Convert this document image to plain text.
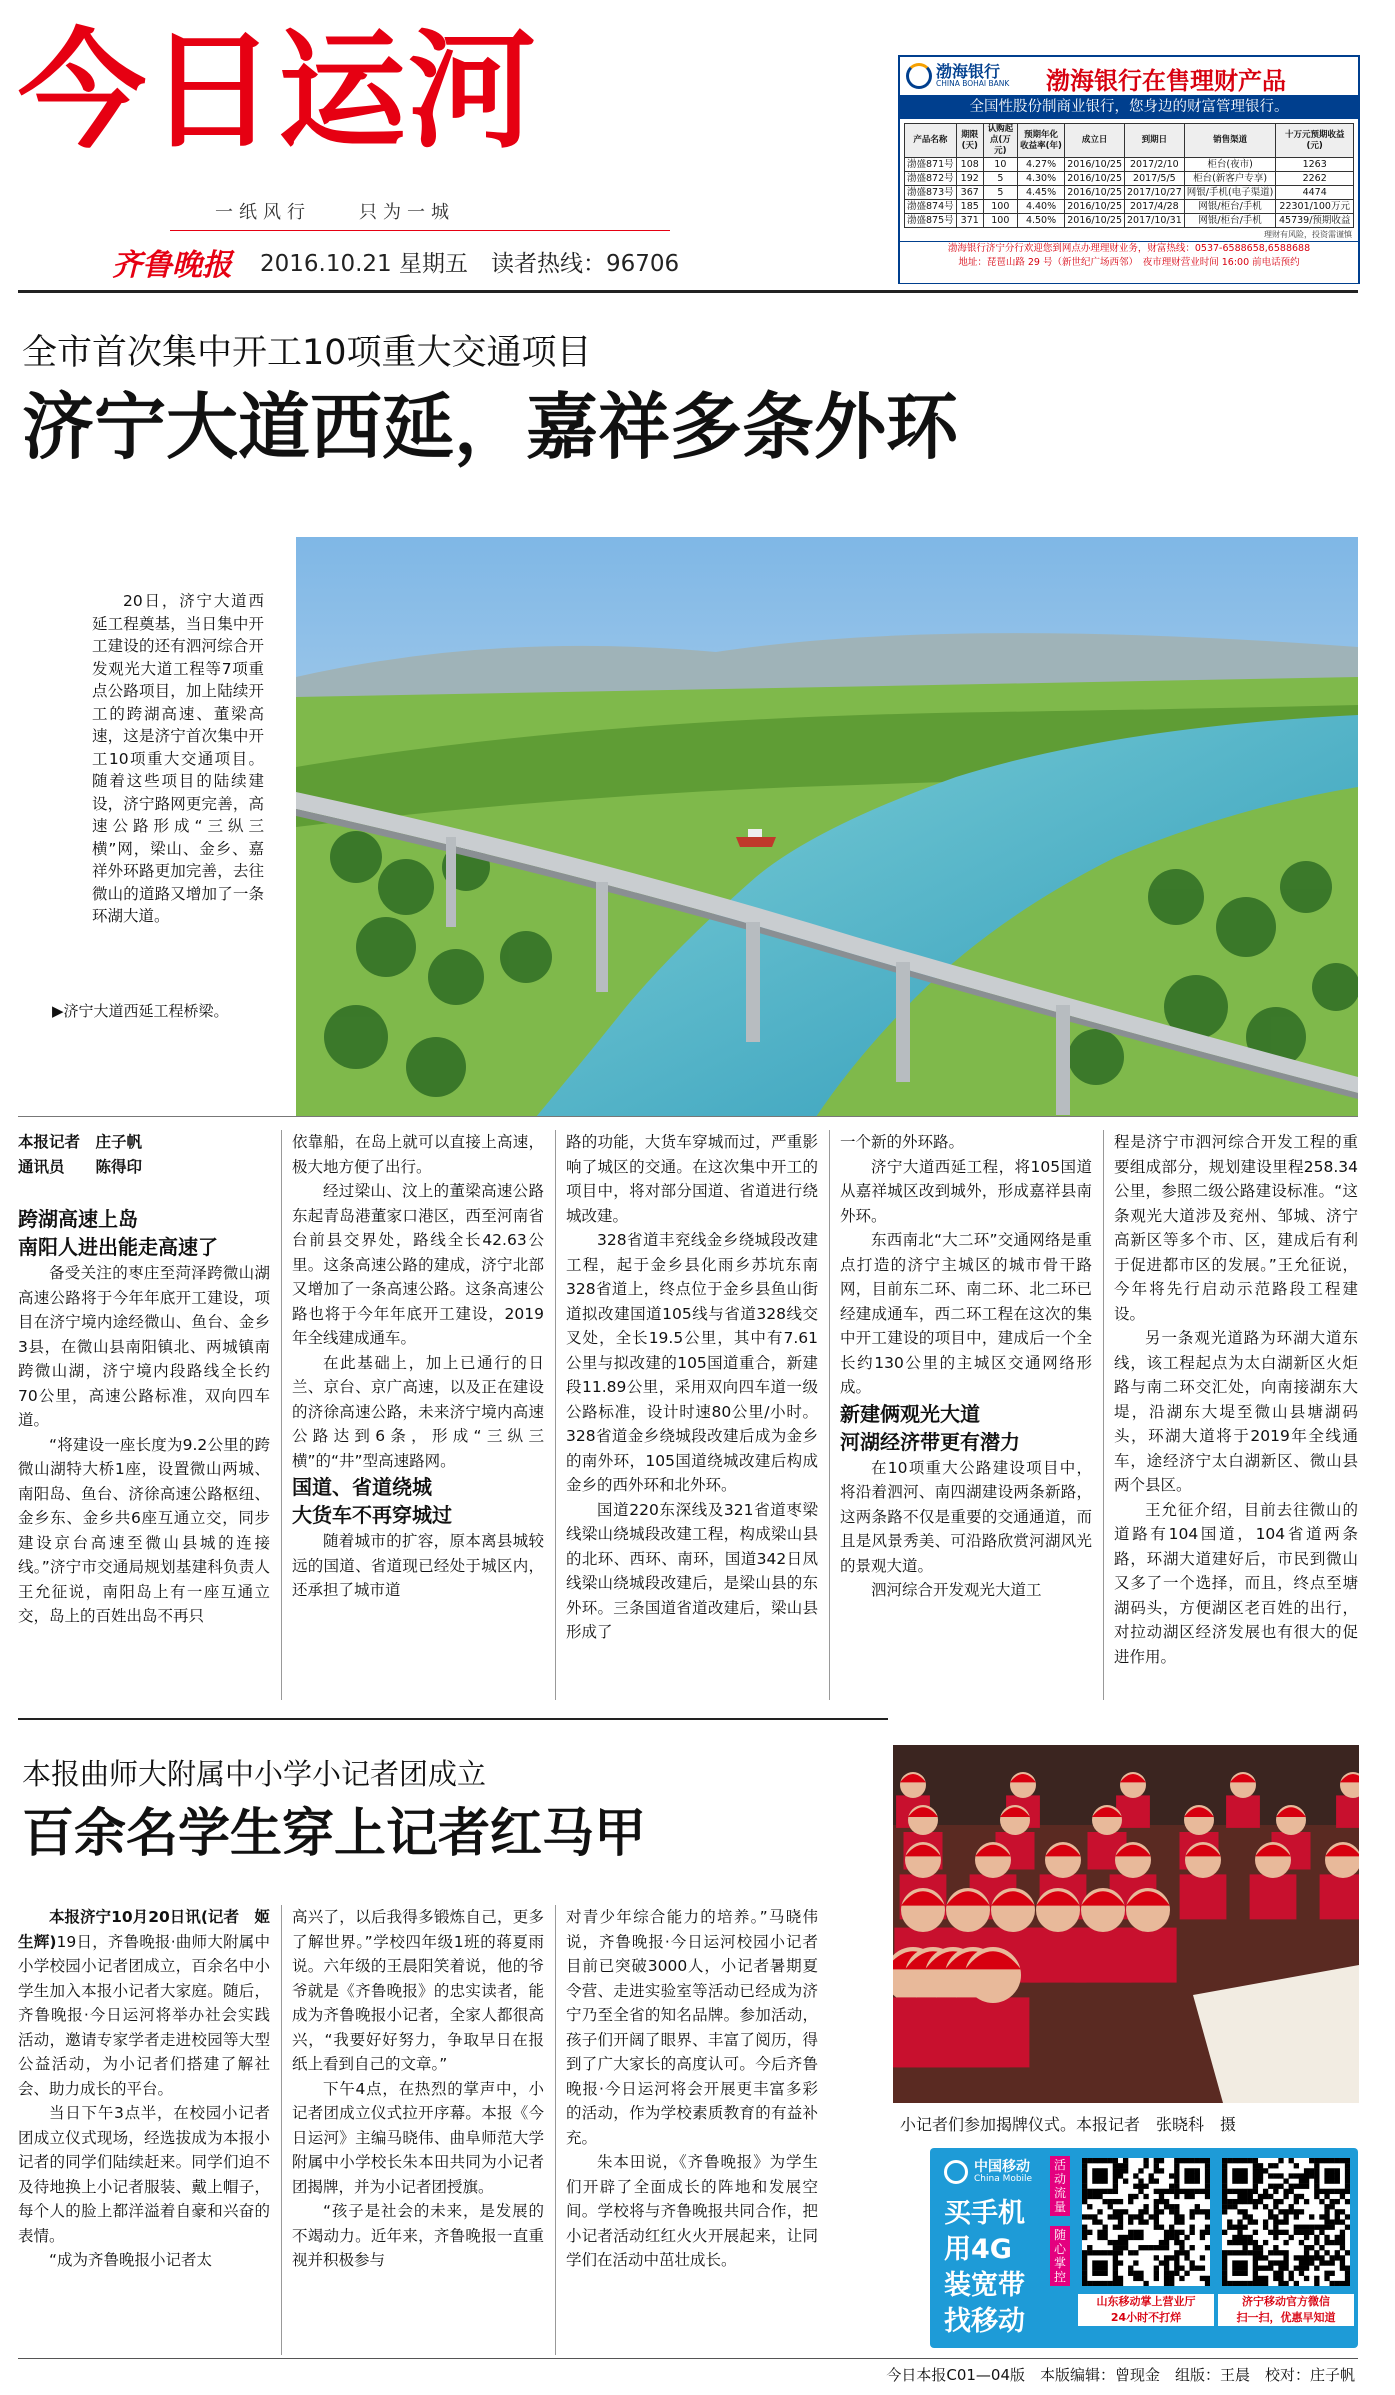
今日运河
一纸风行　　只为一城
齐鲁晚报 2016.10.21 星期五　读者热线：96706
渤海银行
CHINA BOHAI BANK 渤海银行在售理财产品
全国性股份制商业银行，您身边的财富管理银行。
产品名称	期限(天)	认购起点(万元)	预期年化收益率(年)	成立日	到期日	销售渠道	十万元预期收益(元)
渤盛871号	108	10	4.27%	2016/10/25	2017/2/10	柜台(夜市)	1263
渤盛872号	192	5	4.30%	2016/10/25	2017/5/5	柜台(新客户专享)	2262
渤盛873号	367	5	4.45%	2016/10/25	2017/10/27	网银/手机(电子渠道)	4474
渤盛874号	185	100	4.40%	2016/10/25	2017/4/28	网银/柜台/手机	22301/100万元
渤盛875号	371	100	4.50%	2016/10/25	2017/10/31	网银/柜台/手机	45739/预期收益
理财有风险，投资需谨慎
渤海银行济宁分行欢迎您到网点办理理财业务，财富热线：0537-6588658,6588688
地址：琵琶山路 29 号（新世纪广场西邻）　夜市理财营业时间 16:00 前电话预约
全市首次集中开工10项重大交通项目
济宁大道西延，嘉祥多条外环

20日，济宁大道西延工程奠基，当日集中开工建设的还有泗河综合开发观光大道工程等7项重点公路项目，加上陆续开工的跨湖高速、董梁高速，这是济宁首次集中开工10项重大交通项目。随着这些项目的陆续建设，济宁路网更完善，高速公路形成“三纵三横”网，梁山、金乡、嘉祥外环路更加完善，去往微山的道路又增加了一条环湖大道。

▶济宁大道西延工程桥梁。

本报记者　庄子帆

通讯员　　陈得印

跨湖高速上岛
南阳人进出能走高速了

备受关注的枣庄至菏泽跨微山湖高速公路将于今年年底开工建设，项目在济宁境内途经微山、鱼台、金乡3县，在微山县南阳镇北、两城镇南跨微山湖，济宁境内段路线全长约70公里，高速公路标准，双向四车道。

“将建设一座长度为9.2公里的跨微山湖特大桥1座，设置微山两城、南阳岛、鱼台、济徐高速公路枢纽、金乡东、金乡共6座互通立交，同步建设京台高速至微山县城的连接线。”济宁市交通局规划基建科负责人王允征说，南阳岛上有一座互通立交，岛上的百姓出岛不再只

依靠船，在岛上就可以直接上高速，极大地方便了出行。

经过梁山、汶上的董梁高速公路东起青岛港董家口港区，西至河南省台前县交界处，路线全长42.63公里。这条高速公路的建成，济宁北部又增加了一条高速公路。这条高速公路也将于今年年底开工建设，2019年全线建成通车。

在此基础上，加上已通行的日兰、京台、京广高速，以及正在建设的济徐高速公路，未来济宁境内高速公路达到6条，形成“三纵三横”的“井”型高速路网。

国道、省道绕城
大货车不再穿城过

随着城市的扩容，原本离县城较远的国道、省道现已经处于城区内，还承担了城市道

路的功能，大货车穿城而过，严重影响了城区的交通。在这次集中开工的项目中，将对部分国道、省道进行绕城改建。

328省道丰兖线金乡绕城段改建工程，起于金乡县化雨乡苏坑东南328省道上，终点位于金乡县鱼山街道拟改建国道105线与省道328线交叉处，全长19.5公里，其中有7.61公里与拟改建的105国道重合，新建段11.89公里，采用双向四车道一级公路标准，设计时速80公里/小时。328省道金乡绕城段改建后成为金乡的南外环，105国道绕城改建后构成金乡的西外环和北外环。

国道220东深线及321省道枣梁线梁山绕城段改建工程，构成梁山县的北环、西环、南环，国道342日凤线梁山绕城段改建后，是梁山县的东外环。三条国道省道改建后，梁山县形成了

一个新的外环路。

济宁大道西延工程，将105国道从嘉祥城区改到城外，形成嘉祥县南外环。

东西南北“大二环”交通网络是重点打造的济宁主城区的城市骨干路网，目前东二环、南二环、北二环已经建成通车，西二环工程在这次的集中开工建设的项目中，建成后一个全长约130公里的主城区交通网络形成。

新建俩观光大道
河湖经济带更有潜力

在10项重大公路建设项目中，将沿着泗河、南四湖建设两条新路，这两条路不仅是重要的交通通道，而且是风景秀美、可沿路欣赏河湖风光的景观大道。

泗河综合开发观光大道工

程是济宁市泗河综合开发工程的重要组成部分，规划建设里程258.34公里，参照二级公路建设标准。“这条观光大道涉及兖州、邹城、济宁高新区等多个市、区，建成后有利于促进都市区的发展。”王允征说，今年将先行启动示范路段工程建设。

另一条观光道路为环湖大道东线，该工程起点为太白湖新区火炬路与南二环交汇处，向南接湖东大堤，沿湖东大堤至微山县塘湖码头，环湖大道将于2019年全线通车，途经济宁太白湖新区、微山县两个县区。

王允征介绍，目前去往微山的道路有104国道，104省道两条路，环湖大道建好后，市民到微山又多了一个选择，而且，终点至塘湖码头，方便湖区老百姓的出行，对拉动湖区经济发展也有很大的促进作用。

本报曲师大附属中小学小记者团成立
百余名学生穿上记者红马甲

本报济宁10月20日讯(记者　姬生辉)19日，齐鲁晚报·曲师大附属中小学校园小记者团成立，百余名中小学生加入本报小记者大家庭。随后，齐鲁晚报·今日运河将举办社会实践活动，邀请专家学者走进校园等大型公益活动，为小记者们搭建了解社会、助力成长的平台。

当日下午3点半，在校园小记者团成立仪式现场，经选拔成为本报小记者的同学们陆续赶来。同学们迫不及待地换上小记者服装、戴上帽子，每个人的脸上都洋溢着自豪和兴奋的表情。

“成为齐鲁晚报小记者太

高兴了，以后我得多锻炼自己，更多了解世界。”学校四年级1班的蒋夏雨说。六年级的王晨阳笑着说，他的爷爷就是《齐鲁晚报》的忠实读者，能成为齐鲁晚报小记者，全家人都很高兴，“我要好好努力，争取早日在报纸上看到自己的文章。”

下午4点，在热烈的掌声中，小记者团成立仪式拉开序幕。本报《今日运河》主编马晓伟、曲阜师范大学附属中小学校长朱本田共同为小记者团揭牌，并为小记者团授旗。

“孩子是社会的未来，是发展的不竭动力。近年来，齐鲁晚报一直重视并积极参与

对青少年综合能力的培养。”马晓伟说，齐鲁晚报·今日运河校园小记者目前已突破3000人，小记者暑期夏令营、走进实验室等活动已经成为济宁乃至全省的知名品牌。参加活动，孩子们开阔了眼界、丰富了阅历，得到了广大家长的高度认可。今后齐鲁晚报·今日运河将会开展更丰富多彩的活动，作为学校素质教育的有益补充。

朱本田说，《齐鲁晚报》为学生们开辟了全面成长的阵地和发展空间。学校将与齐鲁晚报共同合作，把小记者活动红红火火开展起来，让同学们在活动中茁壮成长。

小记者们参加揭牌仪式。本报记者　张晓科　摄
中国移动
China Mobile
买手机
用4G
装宽带
找移动
活动流量
随心掌控
山东移动掌上营业厅
24小时不打烊
济宁移动官方微信
扫一扫，优惠早知道
今日本报C01—04版　本版编辑：曾现金　组版：王晨　校对：庄子帆
